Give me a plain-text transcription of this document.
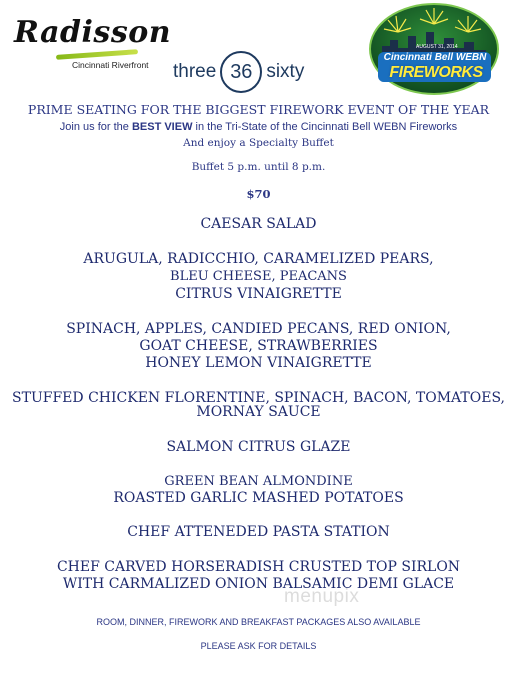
Radisson
Cincinnati Riverfront three 36 sixty
AUGUST 31, 2014
Cincinnati Bell WEBN
FIREWORKS
PRIME SEATING FOR THE BIGGEST FIREWORK EVENT OF THE YEAR
Join us for the BEST VIEW in the Tri-State of the Cincinnati Bell WEBN Fireworks
And enjoy a Specialty Buffet
Buffet 5 p.m. until 8 p.m.
$70
CAESAR SALAD
ARUGULA, RADICCHIO, CARAMELIZED PEARS,
BLEU CHEESE, PEACANS
CITRUS VINAIGRETTE
SPINACH, APPLES, CANDIED PECANS, RED ONION,
GOAT CHEESE, STRAWBERRIES
HONEY LEMON VINAIGRETTE
STUFFED CHICKEN FLORENTINE, SPINACH, BACON, TOMATOES,
MORNAY SAUCE
SALMON CITRUS GLAZE
GREEN BEAN ALMONDINE
ROASTED GARLIC MASHED POTATOES
CHEF ATTENEDED PASTA STATION
CHEF CARVED HORSERADISH CRUSTED TOP SIRLON
WITH CARMALIZED ONION BALSAMIC DEMI GLACE
menupix
ROOM, DINNER, FIREWORK AND BREAKFAST PACKAGES ALSO AVAILABLE
PLEASE ASK FOR DETAILS
